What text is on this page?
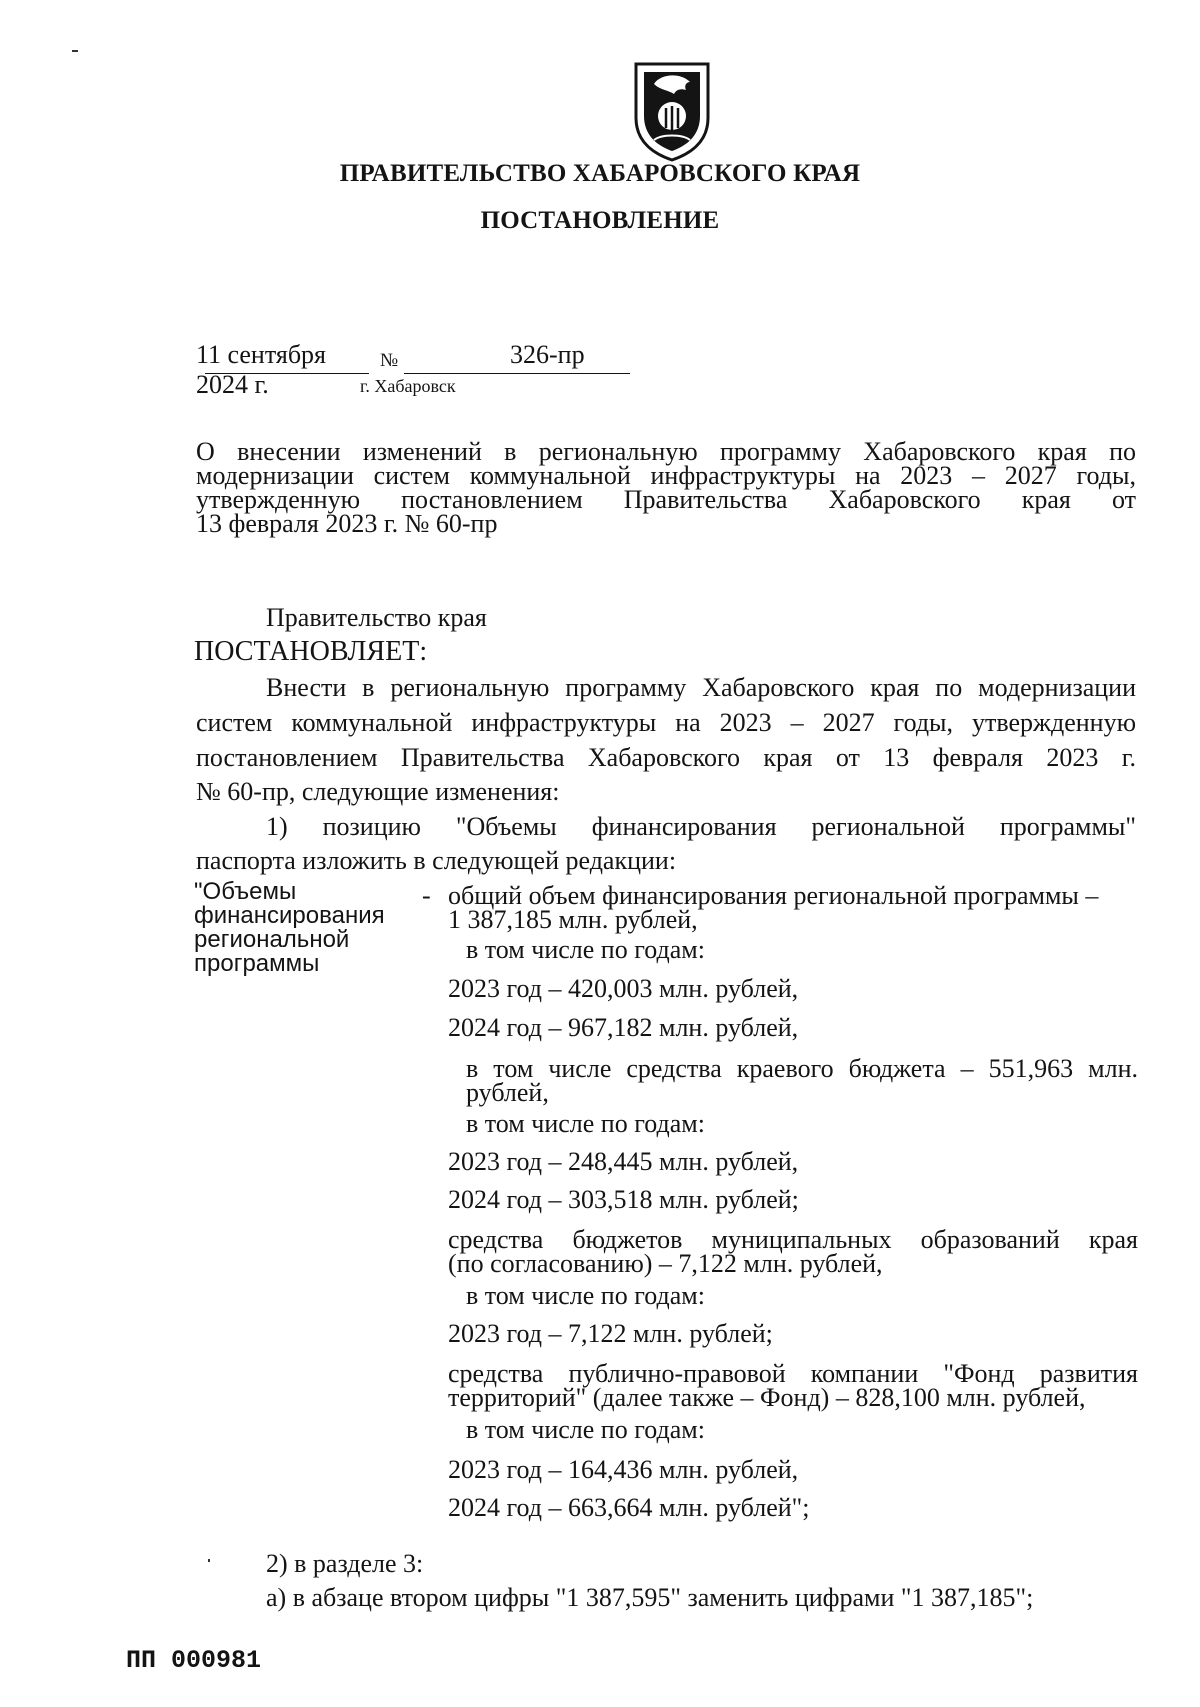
ПРАВИТЕЛЬСТВО ХАБАРОВСКОГО КРАЯ
ПОСТАНОВЛЕНИЕ
11 сентября 2024 г.
№	326-пр
г. Хабаровск
О внесении изменений в региональную программу Хабаровского края по
модернизации систем коммунальной инфраструктуры на 2023 – 2027 годы,
утвержденную постановлением Правительства Хабаровского края от
13 февраля 2023 г. № 60-пр
Правительство края
ПОСТАНОВЛЯЕТ:
Внести в региональную программу Хабаровского края по модернизации
систем коммунальной инфраструктуры на 2023 – 2027 годы, утвержденную
постановлением Правительства Хабаровского края от 13 февраля 2023 г.
№ 60-пр, следующие изменения:
1) позицию "Объемы финансирования региональной программы"
паспорта изложить в следующей редакции:
"Объемы
финансирования
региональной
программы
- общий объем финансирования региональной программы –
1 387,185 млн. рублей,
в том числе по годам:
2023 год – 420,003 млн. рублей,
2024 год – 967,182 млн. рублей,
в том числе средства краевого бюджета – 551,963 млн.
рублей,
в том числе по годам:
2023 год – 248,445 млн. рублей,
2024 год – 303,518 млн. рублей;
средства бюджетов муниципальных образований края
(по согласованию) – 7,122 млн. рублей,
в том числе по годам:
2023 год – 7,122 млн. рублей;
средства публично-правовой компании "Фонд развития
территорий" (далее также – Фонд) – 828,100 млн. рублей,
в том числе по годам:
2023 год – 164,436 млн. рублей,
2024 год – 663,664 млн. рублей";
2) в разделе 3:
а) в абзаце втором цифры "1 387,595" заменить цифрами "1 387,185";
ПП 000981
